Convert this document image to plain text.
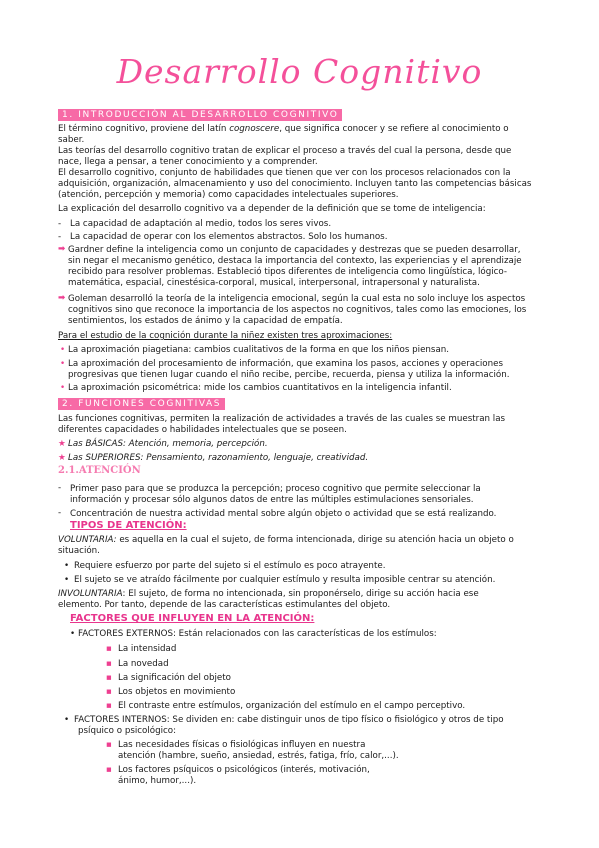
Desarrollo Cognitivo
1. INTRODUCCIÓN AL DESARROLLO COGNITIVO
El término cognitivo, proviene del latín cognoscere, que significa conocer y se refiere al conocimiento o
saber.
Las teorías del desarrollo cognitivo tratan de explicar el proceso a través del cual la persona, desde que
nace, llega a pensar, a tener conocimiento y a comprender.
El desarrollo cognitivo, conjunto de habilidades que tienen que ver con los procesos relacionados con la
adquisición, organización, almacenamiento y uso del conocimiento. Incluyen tanto las competencias básicas
(atención, percepción y memoria) como capacidades intelectuales superiores.
La explicación del desarrollo cognitivo va a depender de la definición que se tome de inteligencia:
- La capacidad de adaptación al medio, todos los seres vivos.
- La capacidad de operar con los elementos abstractos. Solo los humanos.
➡ Gardner define la inteligencia como un conjunto de capacidades y destrezas que se pueden desarrollar,
sin negar el mecanismo genético, destaca la importancia del contexto, las experiencias y el aprendizaje
recibido para resolver problemas. Estableció tipos diferentes de inteligencia como lingüística, lógico-
matemática, espacial, cinestésica-corporal, musical, interpersonal, intrapersonal y naturalista.
➡ Goleman desarrolló la teoría de la inteligencia emocional, según la cual esta no solo incluye los aspectos
cognitivos sino que reconoce la importancia de los aspectos no cognitivos, tales como las emociones, los
sentimientos, los estados de ánimo y la capacidad de empatía.
Para el estudio de la cognición durante la niñez existen tres aproximaciones:
• La aproximación piagetiana: cambios cualitativos de la forma en que los niños piensan.
• La aproximación del procesamiento de información, que examina los pasos, acciones y operaciones
progresivas que tienen lugar cuando el niño recibe, percibe, recuerda, piensa y utiliza la información.
• La aproximación psicométrica: mide los cambios cuantitativos en la inteligencia infantil.
2. FUNCIONES COGNITIVAS
Las funciones cognitivas, permiten la realización de actividades a través de las cuales se muestran las
diferentes capacidades o habilidades intelectuales que se poseen.
★ Las BÁSICAS: Atención, memoria, percepción.
★ Las SUPERIORES: Pensamiento, razonamiento, lenguaje, creatividad.
2.1.ATENCIÓN
- Primer paso para que se produzca la percepción; proceso cognitivo que permite seleccionar la
información y procesar sólo algunos datos de entre las múltiples estimulaciones sensoriales.
- Concentración de nuestra actividad mental sobre algún objeto o actividad que se está realizando.
TIPOS DE ATENCIÓN:
VOLUNTARIA: es aquella en la cual el sujeto, de forma intencionada, dirige su atención hacia un objeto o
situación.
• Requiere esfuerzo por parte del sujeto si el estímulo es poco atrayente.
• El sujeto se ve atraído fácilmente por cualquier estímulo y resulta imposible centrar su atención.
INVOLUNTARIA: El sujeto, de forma no intencionada, sin proponérselo, dirige su acción hacia ese
elemento. Por tanto, depende de las características estimulantes del objeto.
FACTORES QUE INFLUYEN EN LA ATENCIÓN:
• FACTORES EXTERNOS: Están relacionados con las características de los estímulos:
▪ La intensidad
▪ La novedad
▪ La significación del objeto
▪ Los objetos en movimiento
▪ El contraste entre estímulos, organización del estímulo en el campo perceptivo.
• FACTORES INTERNOS: Se dividen en: cabe distinguir unos de tipo físico o fisiológico y otros de tipo
psíquico o psicológico:
▪ Las necesidades físicas o fisiológicas influyen en nuestra
atención (hambre, sueño, ansiedad, estrés, fatiga, frío, calor,...).
▪ Los factores psíquicos o psicológicos (interés, motivación,
ánimo, humor,...).
